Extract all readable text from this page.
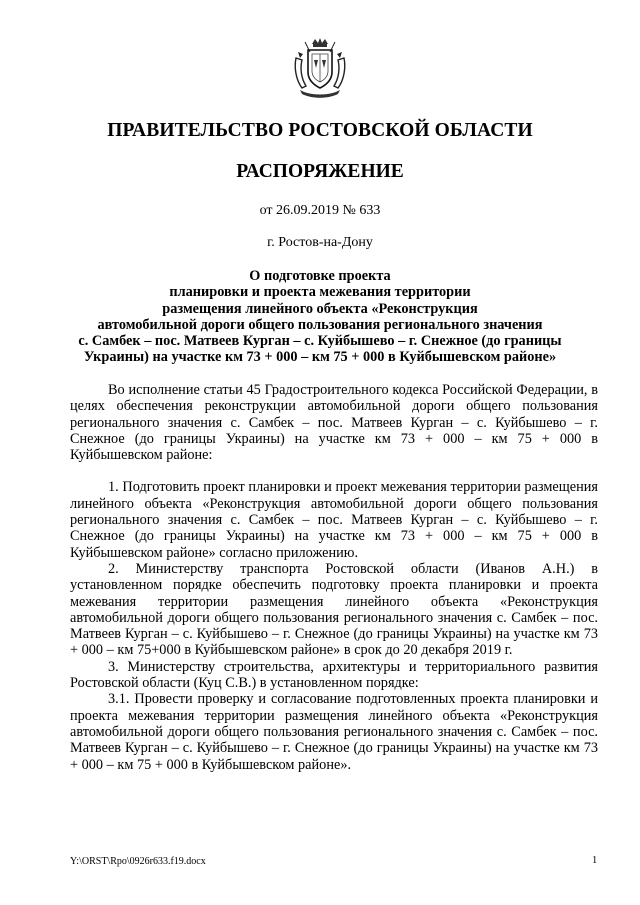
ПРАВИТЕЛЬСТВО РОСТОВСКОЙ ОБЛАСТИ
РАСПОРЯЖЕНИЕ
от 26.09.2019 № 633
г. Ростов-на-Дону
О подготовке проекта
планировки и проекта межевания территории
размещения линейного объекта «Реконструкция
автомобильной дороги общего пользования регионального значения
с. Самбек – пос. Матвеев Курган – с. Куйбышево – г. Снежное (до границы
Украины) на участке км 73 + 000 – км 75 + 000 в Куйбышевском районе»

Во исполнение статьи 45 Градостроительного кодекса Российской Федерации, в целях обеспечения реконструкции автомобильной дороги общего пользования регионального значения с. Самбек – пос. Матвеев Курган – с. Куйбышево – г. Снежное (до границы Украины) на участке км 73 + 000 – км 75 + 000 в Куйбышевском районе:

1. Подготовить проект планировки и проект межевания территории размещения линейного объекта «Реконструкция автомобильной дороги общего пользования регионального значения с. Самбек – пос. Матвеев Курган – с. Куйбышево – г. Снежное (до границы Украины) на участке км 73 + 000 – км 75 + 000 в Куйбышевском районе» согласно приложению.

2. Министерству транспорта Ростовской области (Иванов А.Н.) в установленном порядке обеспечить подготовку проекта планировки и проекта межевания территории размещения линейного объекта «Реконструкция автомобильной дороги общего пользования регионального значения с. Самбек – пос. Матвеев Курган – с. Куйбышево – г. Снежное (до границы Украины) на участке км 73 + 000 – км 75+000 в Куйбышевском районе» в срок до 20 декабря 2019 г.

3. Министерству строительства, архитектуры и территориального развития Ростовской области (Куц С.В.) в установленном порядке:

3.1. Провести проверку и согласование подготовленных проекта планировки и проекта межевания территории размещения линейного объекта «Реконструкция автомобильной дороги общего пользования регионального значения с. Самбек – пос. Матвеев Курган – с. Куйбышево – г. Снежное (до границы Украины) на участке км 73 + 000 – км 75 + 000 в Куйбышевском районе».

Y:\ORST\Rpo\0926r633.f19.docx	1
